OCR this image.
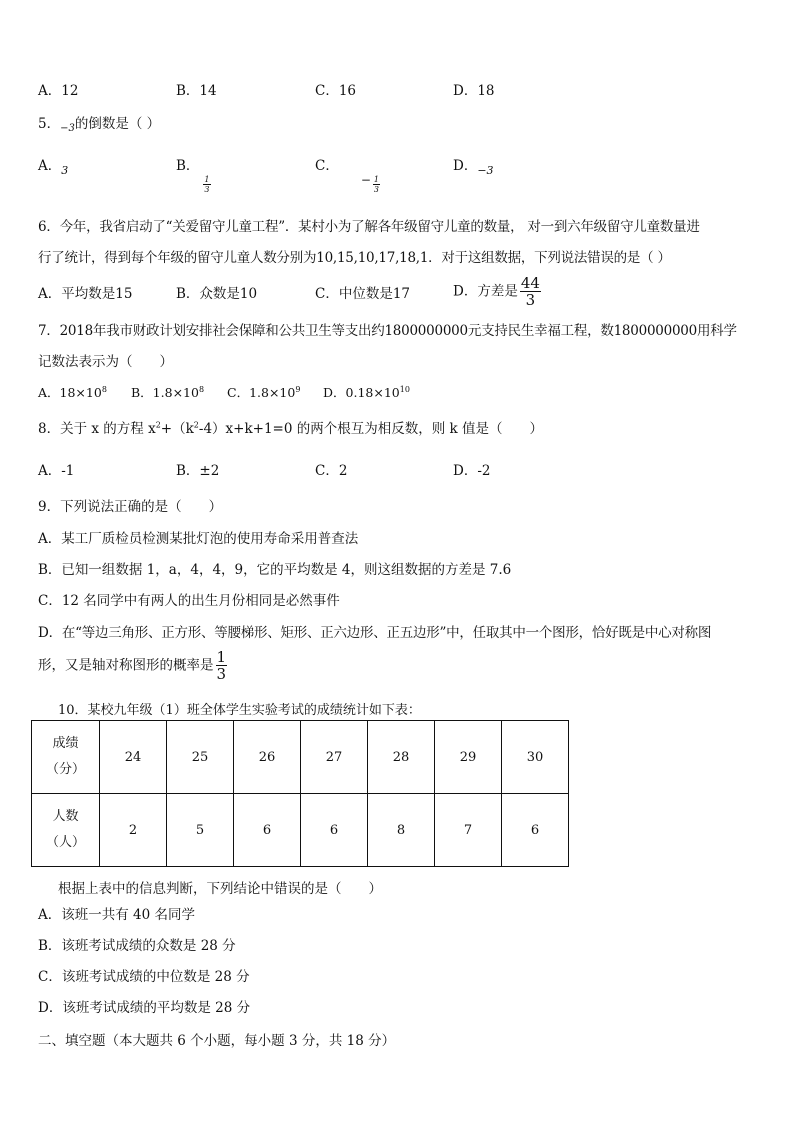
A．12	B．14	C．16	D．18
5．$_{-3}$的倒数是（ ）
A．$_3$	B．
$\frac{1}{3}$
C．− $\frac{1}{3}$
D．$_{-3}$
6．今年，我省启动了“关爱留守儿童工程”．某村小为了解各年级留守儿童的数量， 对一到六年级留守儿童数量进
行了统计，得到每个年级的留守儿童人数分别为10,15,10,17,18,1．对于这组数据，下列说法错误的是（ ）
A．平均数是15	B．众数是10	C．中位数是17	D．方差是 $\frac{44}{3}$
7．2018年我市财政计划安排社会保障和公共卫生等支出约1800000000元支持民生幸福工程，数1800000000用科学
记数法表示为（　　）
A．$18\times 10^8$ B．$1.8\times 10^8$ C．$1.8\times 10^9$ D．$0.18\times 10^{10}$
8．关于 x 的方程 $x^2+(k^2-4)x+k+1=0$ 的两个根互为相反数，则 k 值是（　　）
A．-1	B．±2	C．2	D．-2
9．下列说法正确的是（　　）
A．某工厂质检员检测某批灯泡的使用寿命采用普查法
B．已知一组数据 1，a，4，4，9，它的平均数是 4，则这组数据的方差是 7.6
C．12 名同学中有两人的出生月份相同是必然事件
D．在“等边三角形、正方形、等腰梯形、矩形、正六边形、正五边形”中，任取其中一个图形，恰好既是中心对称图
形，又是轴对称图形的概率是 $\frac{1}{3}$
10．某校九年级（1）班全体学生实验考试的成绩统计如下表：
成绩
（分）	24	25	26	27	28	29	30

人数
（人）	2	5	6	6	8	7	6
根据上表中的信息判断，下列结论中错误的是（　　）
A．该班一共有 40 名同学
B．该班考试成绩的众数是 28 分
C．该班考试成绩的中位数是 28 分
D．该班考试成绩的平均数是 28 分
二、填空题（本大题共 6 个小题，每小题 3 分，共 18 分）
